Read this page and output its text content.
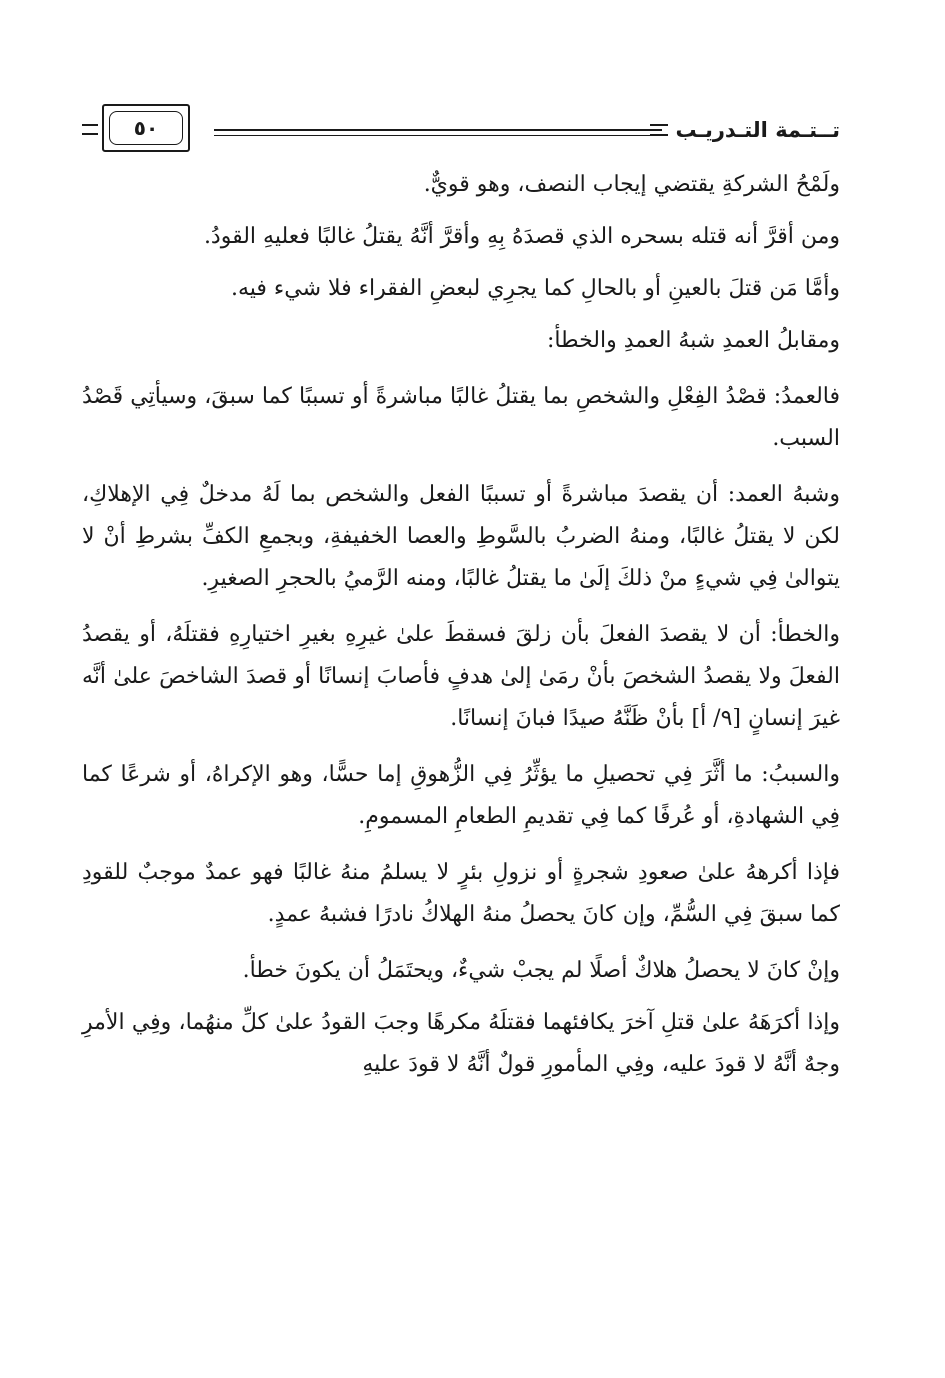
تــتـمة التـدريـب
٥٠

ولَمْحُ الشركةِ يقتضي إيجاب النصف، وهو قويٌّ.

ومن أقرَّ أنه قتله بسحره الذي قصدَهُ بِهِ وأقرَّ أنَّهُ يقتلُ غالبًا فعليهِ القودُ.

وأمَّا مَن قتلَ بالعينِ أو بالحالِ كما يجرِي لبعضِ الفقراء فلا شيء فيه.

ومقابلُ العمدِ شبهُ العمدِ والخطأ:

فالعمدُ: قصْدُ الفِعْلِ والشخصِ بما يقتلُ غالبًا مباشرةً أو تسببًا كما سبقَ، وسيأتِي قَصْدُ السبب.

وشبهُ العمد: أن يقصدَ مباشرةً أو تسببًا الفعل والشخص بما لَهُ مدخلٌ فِي الإهلاكِ، لكن لا يقتلُ غالبًا، ومنهُ الضربُ بالسَّوطِ والعصا الخفيفةِ، وبجمعِ الكفِّ بشرطِ أنْ لا يتوالىٰ فِي شيءٍ منْ ذلكَ إلَىٰ ما يقتلُ غالبًا، ومنه الرَّميُ بالحجرِ الصغيرِ.

والخطأ: أن لا يقصدَ الفعلَ بأن زلقَ فسقطَ علىٰ غيرِهِ بغيرِ اختيارِهِ فقتلَهُ، أو يقصدُ الفعلَ ولا يقصدُ الشخصَ بأنْ رمَىٰ إلىٰ هدفٍ فأصابَ إنسانًا أو قصدَ الشاخصَ علىٰ أنَّه غيرَ إنسانٍ [٩/ أ] بأنْ ظَنَّهُ صيدًا فبانَ إنسانًا.

والسببُ: ما أثَّرَ فِي تحصيلِ ما يؤثِّرُ فِي الزُّهوقِ إما حسًّا، وهو الإكراهُ، أو شرعًا كما فِي الشهادةِ، أو عُرفًا كما فِي تقديمِ الطعامِ المسمومِ.

فإذا أكرههُ علىٰ صعودِ شجرةٍ أو نزولِ بئرٍ لا يسلمُ منهُ غالبًا فهو عمدٌ موجبٌ للقودِ كما سبقَ فِي السُّمِّ، وإن كانَ يحصلُ منهُ الهلاكُ نادرًا فشبهُ عمدٍ.

وإنْ كانَ لا يحصلُ هلاكٌ أصلًا لم يجبْ شيءٌ، ويحتَمَلُ أن يكونَ خطأ.

وإذا أكرَهَهُ علىٰ قتلِ آخرَ يكافئهما فقتلَهُ مكرهًا وجبَ القودُ علىٰ كلِّ منهُما، وفِي الأمرِ وجهٌ أنَّهُ لا قودَ عليه، وفِي المأمورِ قولٌ أنَّهُ لا قودَ عليهِ
